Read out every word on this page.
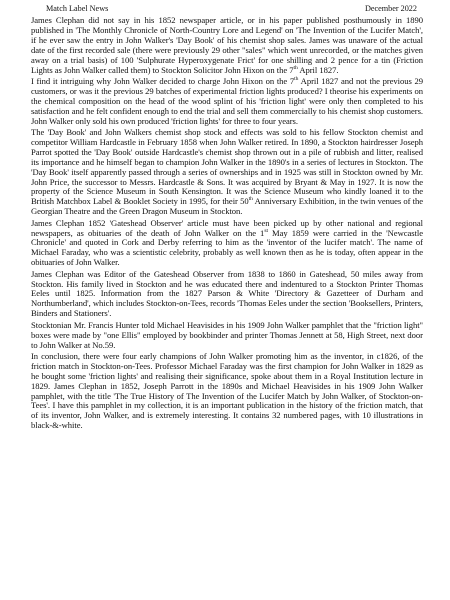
Match Label News	December 2022

James Clephan did not say in his 1852 newspaper article, or in his paper published posthumously in 1890 published in 'The Monthly Chronicle of North-Country Lore and Legend' on 'The Invention of the Lucifer Match', if he ever saw the entry in John Walker's 'Day Book' of his chemist shop sales. James was unaware of the actual date of the first recorded sale (there were previously 29 other "sales" which went unrecorded, or the matches given away on a trial basis) of 100 'Sulphurate Hyperoxygenate Frict' for one shilling and 2 pence for a tin (Friction Lights as John Walker called them) to Stockton Solicitor John Hixon on the 7th April 1827.

I find it intriguing why John Walker decided to charge John Hixon on the 7th April 1827 and not the previous 29 customers, or was it the previous 29 batches of experimental friction lights produced? I theorise his experiments on the chemical composition on the head of the wood splint of his 'friction light' were only then completed to his satisfaction and he felt confident enough to end the trial and sell them commercially to his chemist shop customers. John Walker only sold his own produced 'friction lights' for three to four years.

The 'Day Book' and John Walkers chemist shop stock and effects was sold to his fellow Stockton chemist and competitor William Hardcastle in February 1858 when John Walker retired. In 1890, a Stockton hairdresser Joseph Parrot spotted the 'Day Book' outside Hardcastle's chemist shop thrown out in a pile of rubbish and litter, realised its importance and he himself began to champion John Walker in the 1890's in a series of lectures in Stockton. The 'Day Book' itself apparently passed through a series of ownerships and in 1925 was still in Stockton owned by Mr. John Price, the successor to Messrs. Hardcastle & Sons. It was acquired by Bryant & May in 1927. It is now the property of the Science Museum in South Kensington. It was the Science Museum who kindly loaned it to the British Matchbox Label & Booklet Society in 1995, for their 50th Anniversary Exhibition, in the twin venues of the Georgian Theatre and the Green Dragon Museum in Stockton.

James Clephan 1852 'Gateshead Observer' article must have been picked up by other national and regional newspapers, as obituaries of the death of John Walker on the 1st May 1859 were carried in the 'Newcastle Chronicle' and quoted in Cork and Derby referring to him as the 'inventor of the lucifer match'. The name of Michael Faraday, who was a scientistic celebrity, probably as well known then as he is today, often appear in the obituaries of John Walker.

James Clephan was Editor of the Gateshead Observer from 1838 to 1860 in Gateshead, 50 miles away from Stockton. His family lived in Stockton and he was educated there and indentured to a Stockton Printer Thomas Eeles until 1825. Information from the 1827 Parson & White 'Directory & Gazetteer of Durham and Northumberland', which includes Stockton-on-Tees, records 'Thomas Eeles under the section 'Booksellers, Printers, Binders and Stationers'.

Stocktonian Mr. Francis Hunter told Michael Heavisides in his 1909 John Walker pamphlet that the "friction light" boxes were made by "one Ellis" employed by bookbinder and printer Thomas Jennett at 58, High Street, next door to John Walker at No.59.

In conclusion, there were four early champions of John Walker promoting him as the inventor, in c1826, of the friction match in Stockton-on-Tees. Professor Michael Faraday was the first champion for John Walker in 1829 as he bought some 'friction lights' and realising their significance, spoke about them in a Royal Institution lecture in 1829. James Clephan in 1852, Joseph Parrott in the 1890s and Michael Heavisides in his 1909 John Walker pamphlet, with the title 'The True History of The Invention of the Lucifer Match by John Walker, of Stockton-on-Tees'. I have this pamphlet in my collection, it is an important publication in the history of the friction match, that of its inventor, John Walker, and is extremely interesting. It contains 32 numbered pages, with 10 illustrations in black-&-white.
